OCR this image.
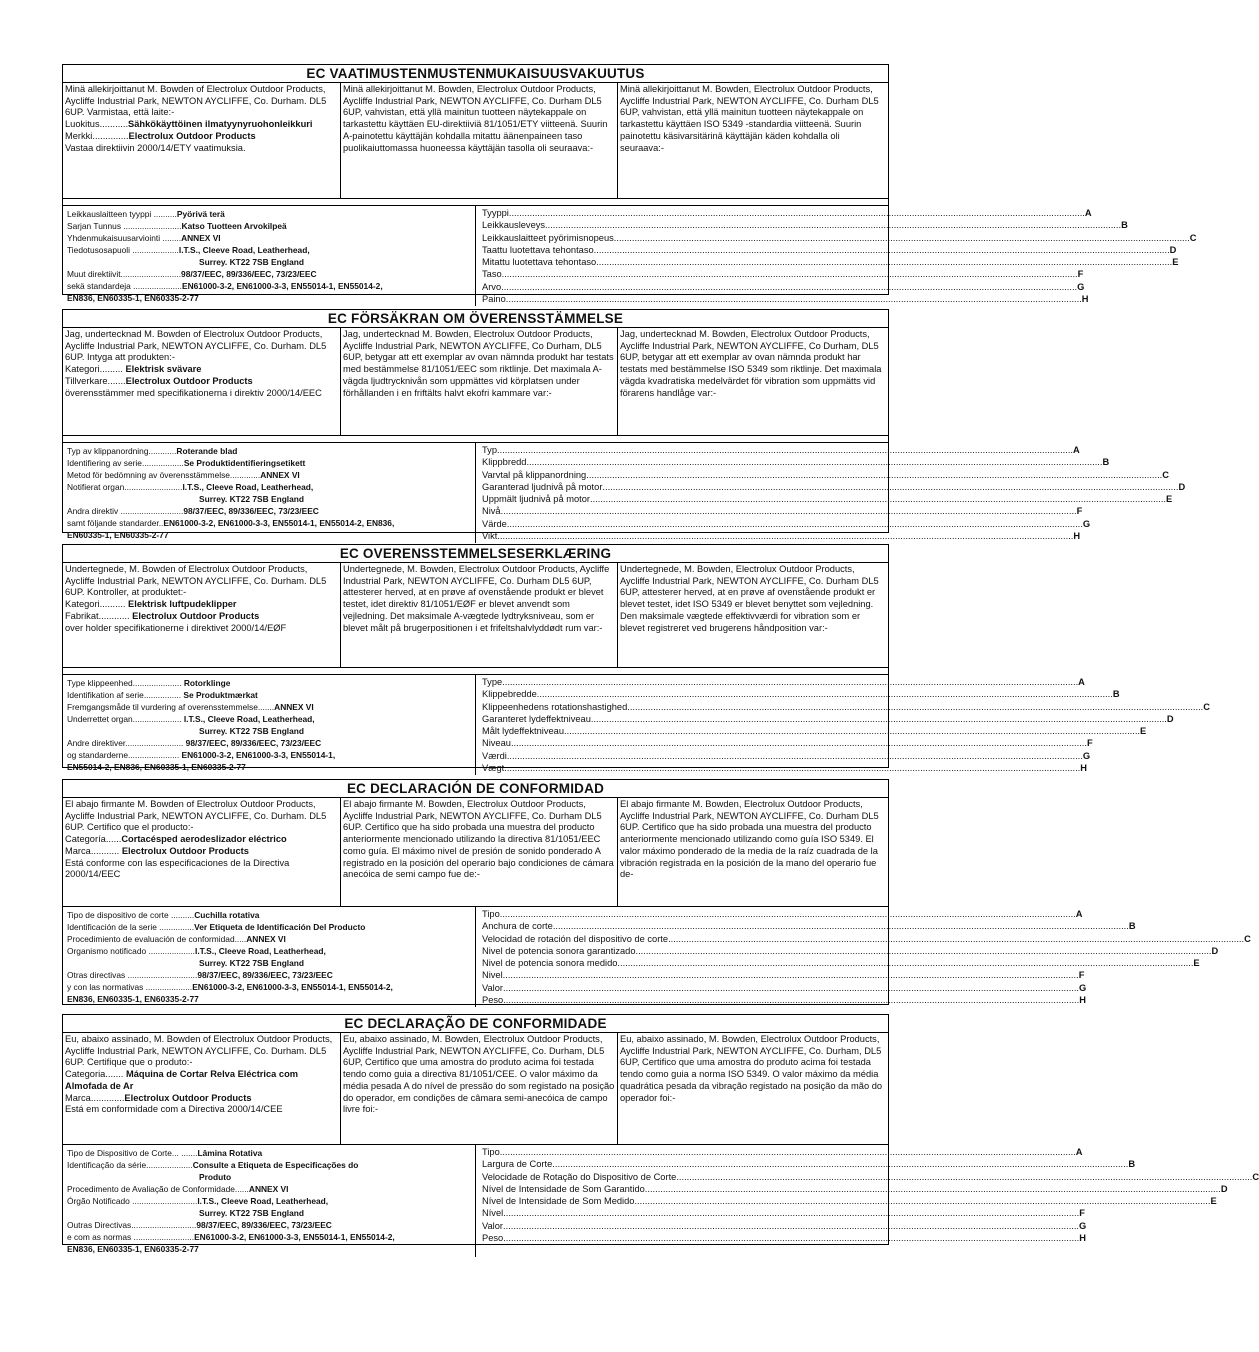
EC VAATIMUSTENMUSTENMUKAISUUSVAKUUTUS
Minä allekirjoittanut M. Bowden of Electrolux Outdoor Products, Aycliffe Industrial Park, NEWTON AYCLIFFE, Co. Durham. DL5 6UP. Varmistaa, että laite:-
Luokitus...........Sähkökäyttöinen ilmatyynyruohonleikkuri
Merkki..............Electrolux Outdoor Products
Vastaa direktiivin 2000/14/ETY vaatimuksia.
Minä allekirjoittanut M. Bowden, Electrolux Outdoor Products, Aycliffe Industrial Park, NEWTON AYCLIFFE, Co. Durham DL5 6UP, vahvistan, että yllä mainitun tuotteen näytekappale on tarkastettu käyttäen EU-direktiiviä 81/1051/ETY viitteenä. Suurin A-painotettu käyttäjän kohdalla mitattu äänenpaineen taso puolikaiuttomassa huoneessa käyttäjän tasolla oli seuraava:-
Minä allekirjoittanut M. Bowden, Electrolux Outdoor Products, Aycliffe Industrial Park, NEWTON AYCLIFFE, Co. Durham DL5 6UP, vahvistan, että yllä mainitun tuotteen näytekappale on tarkastettu käyttäen ISO 5349 -standardia viitteenä. Suurin painotettu käsivarsitärinä käyttäjän käden kohdalla oli seuraava:-
Leikkauslaitteen tyyppi ..........Pyörivä terä
Sarjan Tunnus .........................Katso Tuotteen Arvokilpeä
Yhdenmukaisuusarviointi ........ANNEX VI
Tiedotusosapuoli ....................I.T.S., Cleeve Road, Leatherhead,
Surrey. KT22 7SB England
Muut direktiivit..........................98/37/EEC, 89/336/EEC, 73/23/EEC
sekä standardeja .....................EN61000-3-2, EN61000-3-3, EN55014-1, EN55014-2,
EN836, EN60335-1, EN60335-2-77
Tyyppi .....	A
Leikkausleveys .....	B
Leikkauslaitteet pyörimisnopeus .....	C
Taattu luotettava tehontaso .....	D
Mitattu luotettava tehontaso .....	E
Taso .....	F
Arvo .....	G
Paino .....	H
EC FÖRSÄKRAN OM ÖVERENSSTÄMMELSE
Jag, undertecknad M. Bowden of Electrolux Outdoor Products, Aycliffe Industrial Park, NEWTON AYCLIFFE, Co. Durham. DL5 6UP. Intyga att produkten:-
Kategori......... Elektrisk svävare
Tillverkare.......Electrolux Outdoor Products
överensstämmer med specifikationerna i direktiv 2000/14/EEC
Jag, undertecknad M. Bowden, Electrolux Outdoor Products, Aycliffe Industrial Park, NEWTON AYCLIFFE, Co Durham, DL5 6UP, betygar att ett exemplar av ovan nämnda produkt har testats med bestämmelse 81/1051/EEC som riktlinje. Det maximala A-vägda ljudtrycknivån som uppmättes vid körplatsen under förhållanden i en friftälts halvt ekofri kammare var:-
Jag, undertecknad M. Bowden, Electrolux Outdoor Products, Aycliffe Industrial Park, NEWTON AYCLIFFE, Co Durham, DL5 6UP, betygar att ett exemplar av ovan nämnda produkt har testats med bestämmelse ISO 5349 som riktlinje. Det maximala vägda kvadratiska medelvärdet för vibration som uppmätts vid förarens handlåge var:-
Typ av klippanordning............Roterande blad
Identifiering av serie..................Se Produktidentifieringsetikett
Metod för bedömning av överensstämmelse.............ANNEX VI
Notifierat organ.........................I.T.S., Cleeve Road, Leatherhead,
Surrey. KT22 7SB England
Andra direktiv ...........................98/37/EEC, 89/336/EEC, 73/23/EEC
samt följande standarder..EN61000-3-2, EN61000-3-3, EN55014-1, EN55014-2, EN836,
EN60335-1, EN60335-2-77
Typ .....	A
Klippbredd .....	B
Varvtal på klippanordning .....	C
Garanterad ljudnivå på motor .....	D
Uppmält ljudnivå på motor .....	E
Nivå .....	F
Värde .....	G
Vikt .....	H
EC OVERENSSTEMMELSESERKLÆRING
Undertegnede, M. Bowden of Electrolux Outdoor Products, Aycliffe Industrial Park, NEWTON AYCLIFFE, Co. Durham. DL5 6UP. Kontroller, at produktet:-
Kategori.......... Elektrisk luftpudeklipper
Fabrikat............ Electrolux Outdoor Products
over holder specifikationerne i direktivet 2000/14/EØF
Undertegnede, M. Bowden, Electrolux Outdoor Products, Aycliffe Industrial Park, NEWTON AYCLIFFE, Co. Durham DL5 6UP, attesterer herved, at en prøve af ovenstående produkt er blevet testet, idet direktiv 81/1051/EØF er blevet anvendt som vejledning. Det maksimale A-vægtede lydtryksniveau, som er blevet målt på brugerpositionen i et frifeltshalvlyddødt rum var:-
Undertegnede, M. Bowden, Electrolux Outdoor Products, Aycliffe Industrial Park, NEWTON AYCLIFFE, Co. Durham DL5 6UP, attesterer herved, at en prøve af ovenstående produkt er blevet testet, idet ISO 5349 er blevet benyttet som vejledning. Den maksimale vægtede effektivværdi for vibration som er blevet registreret ved brugerens håndposition var:-
Type klippeenhed..................... Rotorklinge
Identifikation af serie................ Se Produktmærkat
Fremgangsmåde til vurdering af overensstemmelse.......ANNEX VI
Underrettet organ..................... I.T.S., Cleeve Road, Leatherhead,
Surrey. KT22 7SB England
Andre direktiver......................... 98/37/EEC, 89/336/EEC, 73/23/EEC
og standarderne...................... EN61000-3-2, EN61000-3-3, EN55014-1,
EN55014-2, EN836, EN60335-1, EN60335-2-77
Type .....	A
Klippebredde .....	B
Klippeenhedens rotationshastighed .....	C
Garanteret lydeffektniveau .....	D
Målt lydeffektniveau .....	E
Niveau .....	F
Værdi .....	G
Vægt .....	H
EC DECLARACIÓN DE CONFORMIDAD
El abajo firmante M. Bowden of Electrolux Outdoor Products, Aycliffe Industrial Park, NEWTON AYCLIFFE, Co. Durham. DL5 6UP. Certifico que el producto:-
Categoría......Cortacésped aerodeslizador eléctrico
Marca........... Electrolux Outdoor Products
Está conforme con las especificaciones de la Directiva 2000/14/EEC
El abajo firmante M. Bowden, Electrolux Outdoor Products, Aycliffe Industrial Park, NEWTON AYCLIFFE, Co. Durham DL5 6UP. Certifico que ha sido probada una muestra del producto anteriormente mencionado utilizando la directiva 81/1051/EEC como guía. El máximo nivel de presión de sonido ponderado A registrado en la posición del operario bajo condiciones de cámara anecóica de semi campo fue de:-
El abajo firmante M. Bowden, Electrolux Outdoor Products, Aycliffe Industrial Park, NEWTON AYCLIFFE, Co. Durham DL5 6UP. Certifico que ha sido probada una muestra del producto anteriormente mencionado utilizando como guía ISO 5349. El valor máximo ponderado de la media de la raíz cuadrada de la vibración registrada en la posición de la mano del operario fue de-
Tipo de dispositivo de corte ..........Cuchilla rotativa
Identificación de la serie ...............Ver Etiqueta de Identificación Del Producto
Procedimiento de evaluación de conformidad.....ANNEX VI
Organismo notificado ....................I.T.S., Cleeve Road, Leatherhead,
Surrey. KT22 7SB England
Otras directivas ..............................98/37/EEC, 89/336/EEC, 73/23/EEC
y con las normativas ....................EN61000-3-2, EN61000-3-3, EN55014-1, EN55014-2,
EN836, EN60335-1, EN60335-2-77
Tipo .....	A
Anchura de corte .....	B
Velocidad de rotación del dispositivo de corte .....	C
Nivel de potencia sonora garantizado .....	D
Nivel de potencia sonora medido .....	E
Nivel .....	F
Valor .....	G
Peso .....	H
EC DECLARAÇÃO DE CONFORMIDADE
Eu, abaixo assinado, M. Bowden of Electrolux Outdoor Products, Aycliffe Industrial Park, NEWTON AYCLIFFE, Co. Durham. DL5 6UP. Certifique que o produto:-
Categoria....... Máquina de Cortar Relva Eléctrica com Almofada de Ar
Marca.............Electrolux Outdoor Products
Está em conformidade com a Directiva 2000/14/CEE
Eu, abaixo assinado, M. Bowden, Electrolux Outdoor Products, Aycliffe Industrial Park, NEWTON AYCLIFFE, Co. Durham, DL5 6UP, Certifico que uma amostra do produto acima foi testada tendo como guia a directiva 81/1051/CEE. O valor máximo da média pesada A do nível de pressão do som registado na posição do operador, em condições de câmara semi-anecóica de campo livre foi:-
Eu, abaixo assinado, M. Bowden, Electrolux Outdoor Products, Aycliffe Industrial Park, NEWTON AYCLIFFE, Co. Durham, DL5 6UP, Certifico que uma amostra do produto acima foi testada tendo como guia a norma ISO 5349. O valor máximo da média quadrática pesada da vibração registado na posição da mão do operador foi:-
Tipo de Dispositivo de Corte... .......Lâmina Rotativa
Identificação da série....................Consulte a Etiqueta de Especificações do
Produto
Procedimento de Avaliação de Conformidade......ANNEX VI
Órgão Notificado ............................I.T.S., Cleeve Road, Leatherhead,
Surrey. KT22 7SB England
Outras Directivas............................98/37/EEC, 89/336/EEC, 73/23/EEC
e com as normas ..........................EN61000-3-2, EN61000-3-3, EN55014-1, EN55014-2,
EN836, EN60335-1, EN60335-2-77
Tipo .....	A
Largura de Corte .....	B
Velocidade de Rotação do Dispositivo de Corte .....	C
Nível de Intensidade de Som Garantido .....	D
Nível de Intensidade de Som Medido .....	E
Nível .....	F
Valor .....	G
Peso .....	H
